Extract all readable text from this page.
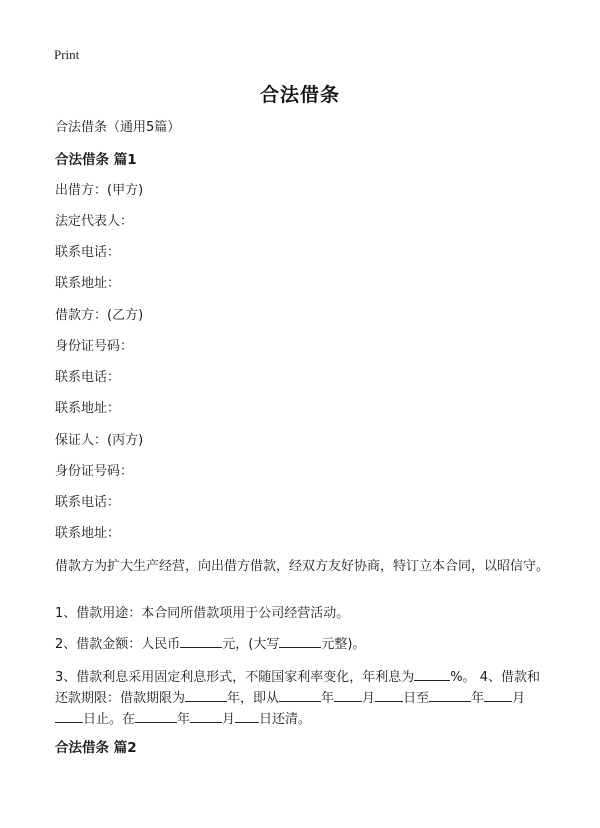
Print
合法借条
合法借条（通用5篇）
合法借条 篇1
出借方：(甲方)
法定代表人：
联系电话：
联系地址：
借款方：(乙方)
身份证号码：
联系电话：
联系地址：
保证人：(丙方)
身份证号码：
联系电话：
联系地址：
借款方为扩大生产经营，向出借方借款，经双方友好协商，特订立本合同，以昭信守。
1、借款用途：本合同所借款项用于公司经营活动。
2、借款金额：人民币	元，(大写	元整)。
3、借款利息采用固定利息形式，不随国家利率变化，年利息为	%。 4、借款和还款期限：借款期限为	年，即从	年 月 日至	年 月日止。在	年 月 日还清。
合法借条 篇2
